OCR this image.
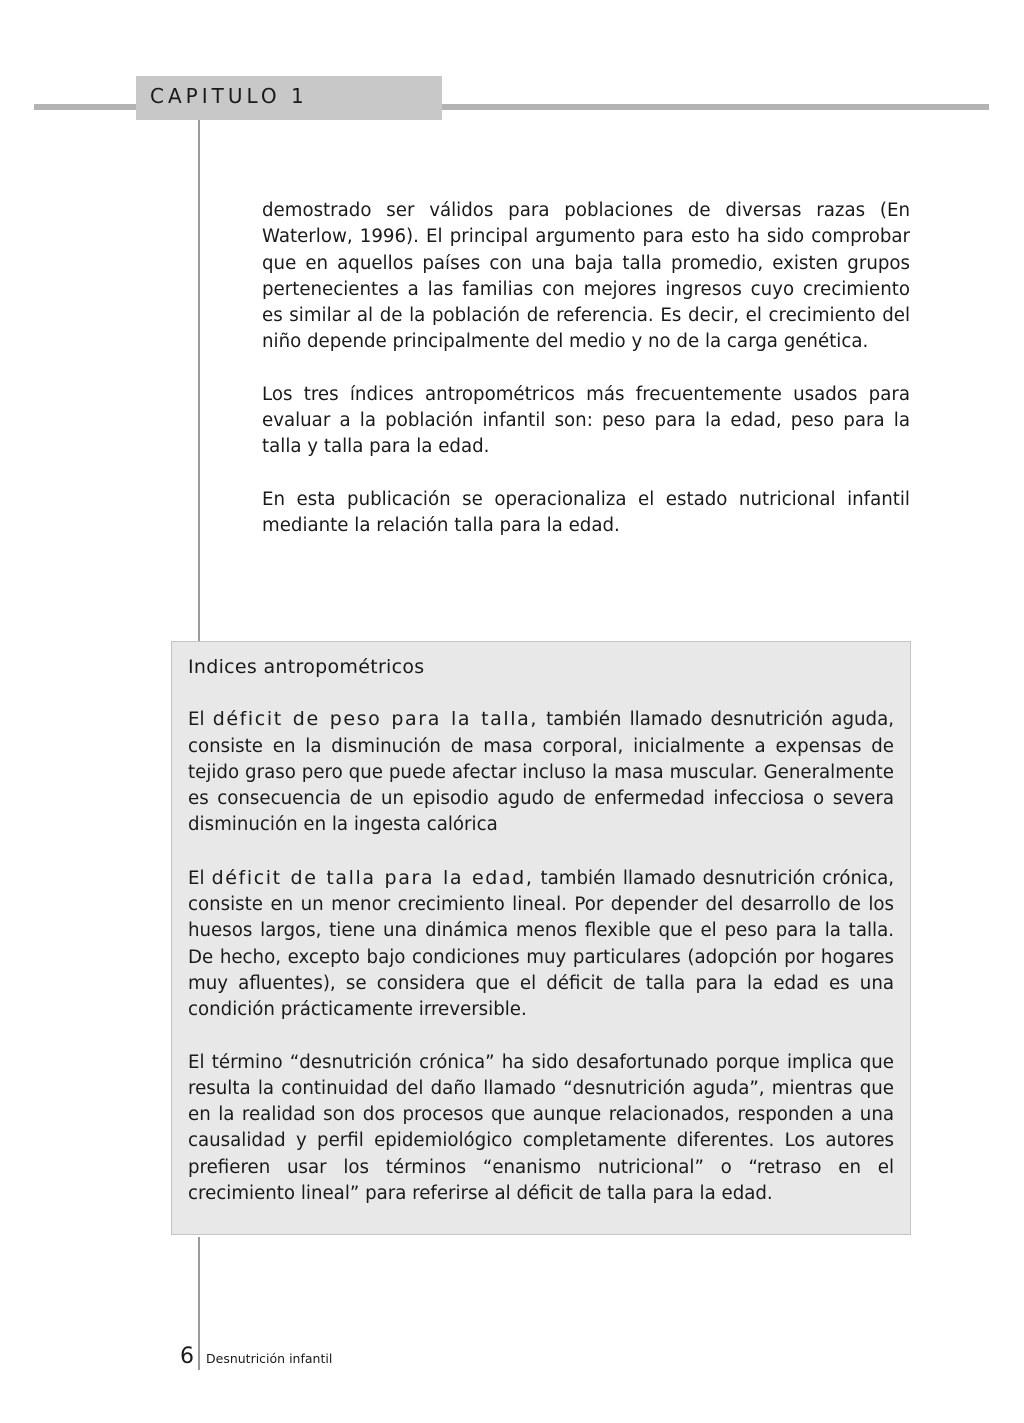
CAPITULO 1

demostrado ser válidos para poblaciones de diversas razas (En Waterlow, 1996). El principal argumento para esto ha sido comprobar que en aquellos países con una baja talla promedio, existen grupos pertenecientes a las familias con mejores ingresos cuyo crecimiento es similar al de la población de referencia. Es decir, el crecimiento del niño depende principalmente del medio y no de la carga genética.

Los tres índices antropométricos más frecuentemente usados para evaluar a la población infantil son: peso para la edad, peso para la talla y talla para la edad.

En esta publicación se operacionaliza el estado nutricional infantil mediante la relación talla para la edad.

Indices antropométricos

El déficit de peso para la talla, también llamado desnutrición aguda, consiste en la disminución de masa corporal, inicialmente a expensas de tejido graso pero que puede afectar incluso la masa muscular. Generalmente es consecuencia de un episodio agudo de enfermedad infecciosa o severa disminución en la ingesta calórica

El déficit de talla para la edad, también llamado desnutrición crónica, consiste en un menor crecimiento lineal. Por depender del desarrollo de los huesos largos, tiene una dinámica menos flexible que el peso para la talla. De hecho, excepto bajo condiciones muy particulares (adopción por hogares muy afluentes), se considera que el déficit de talla para la edad es una condición prácticamente irreversible.

El término “desnutrición crónica” ha sido desafortunado porque implica que resulta la continuidad del daño llamado “desnutrición aguda”, mientras que en la realidad son dos procesos que aunque relacionados, responden a una causalidad y perfil epidemiológico completamente diferentes. Los autores prefieren usar los términos “enanismo nutricional” o “retraso en el crecimiento lineal” para referirse al déficit de talla para la edad.

6 Desnutrición infantil
